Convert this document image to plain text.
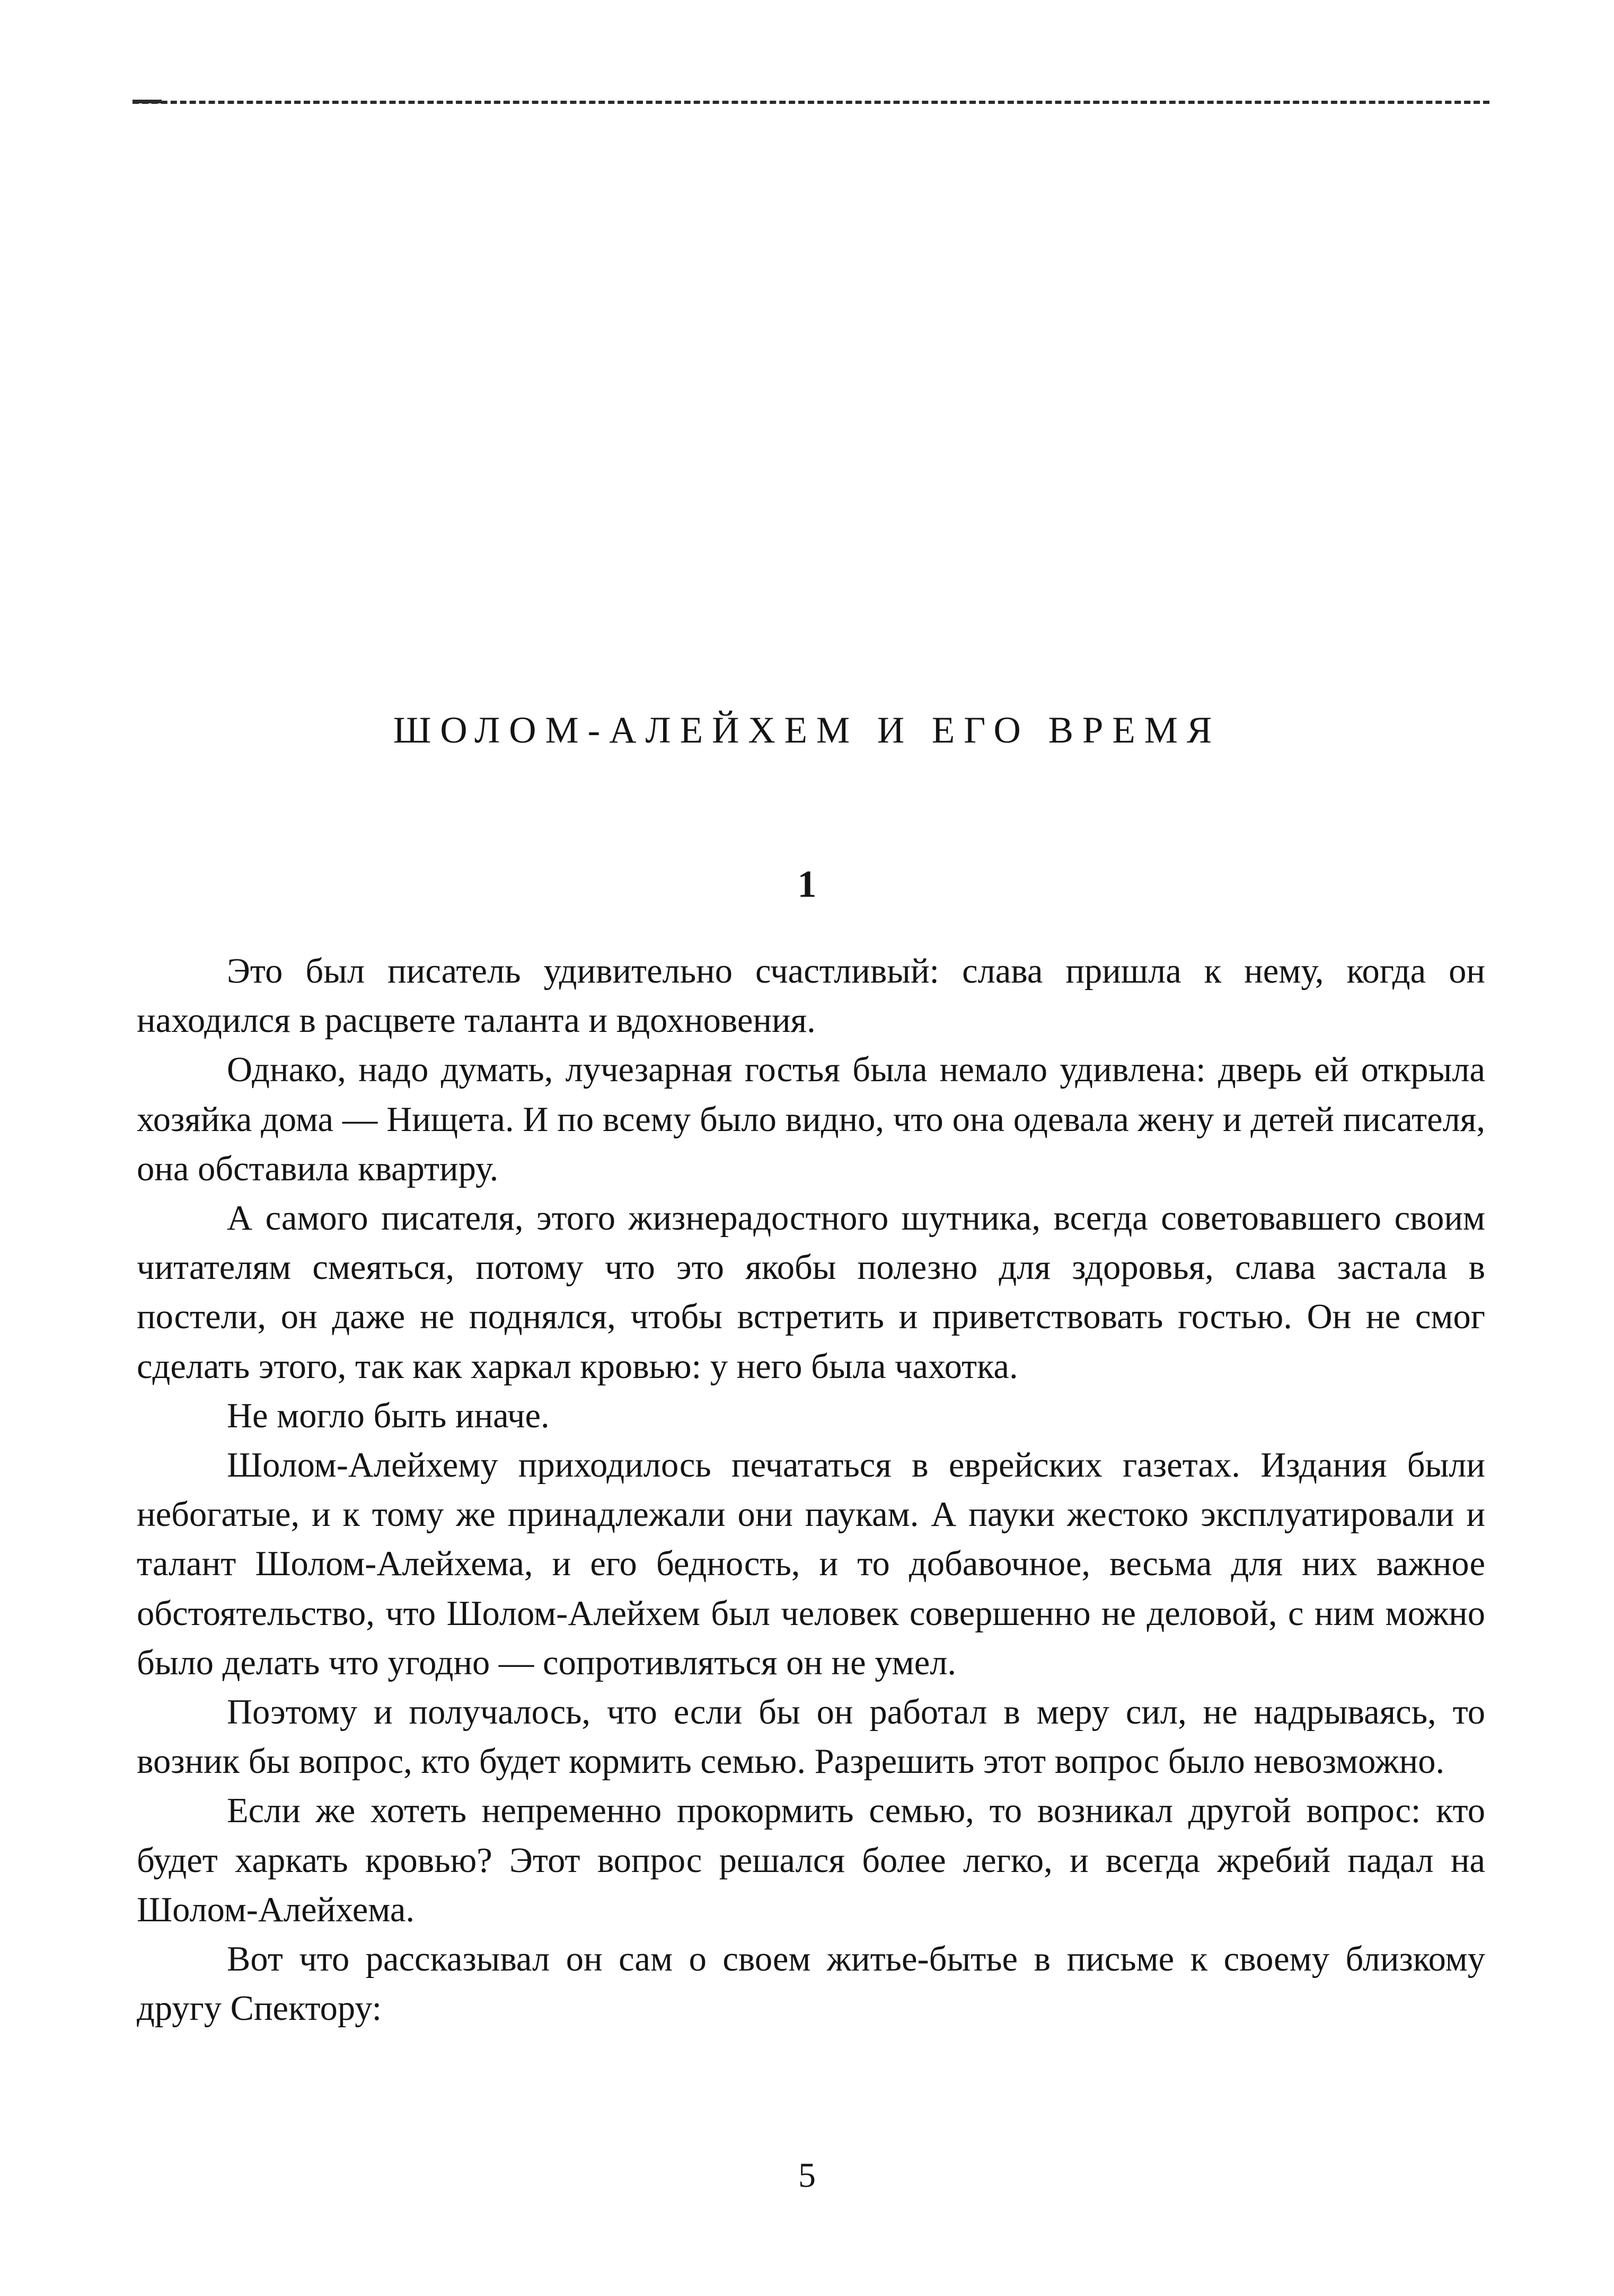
ШОЛОМ-АЛЕЙХЕМ И ЕГО ВРЕМЯ
1

Это был писатель удивительно счастливый: слава пришла к нему, когда он находился в расцвете таланта и вдохновения.

Однако, надо думать, лучезарная гостья была немало удивлена: дверь ей открыла хозяйка дома — Нищета. И по всему было видно, что она одевала жену и детей писателя, она обставила квартиру.

А самого писателя, этого жизнерадостного шутника, всегда советовавшего своим читателям смеяться, потому что это якобы полезно для здоровья, слава застала в постели, он даже не поднялся, чтобы встретить и приветствовать гостью. Он не смог сделать этого, так как харкал кровью: у него была чахотка.

Не могло быть иначе.

Шолом-Алейхему приходилось печататься в еврейских газетах. Издания были небогатые, и к тому же принадлежали они паукам. А пауки жестоко эксплуатировали и талант Шолом-Алейхема, и его бедность, и то добавочное, весьма для них важное обстоятельство, что Шолом-Алейхем был человек совершенно не деловой, с ним можно было делать что угодно — сопротивляться он не умел.

Поэтому и получалось, что если бы он работал в меру сил, не надрываясь, то возник бы вопрос, кто будет кормить семью. Разрешить этот вопрос было невозможно.

Если же хотеть непременно прокормить семью, то возникал другой вопрос: кто будет харкать кровью? Этот вопрос решался более легко, и всегда жребий падал на Шолом-Алейхема.

Вот что рассказывал он сам о своем житье-бытье в письме к своему близкому другу Спектору:

5
